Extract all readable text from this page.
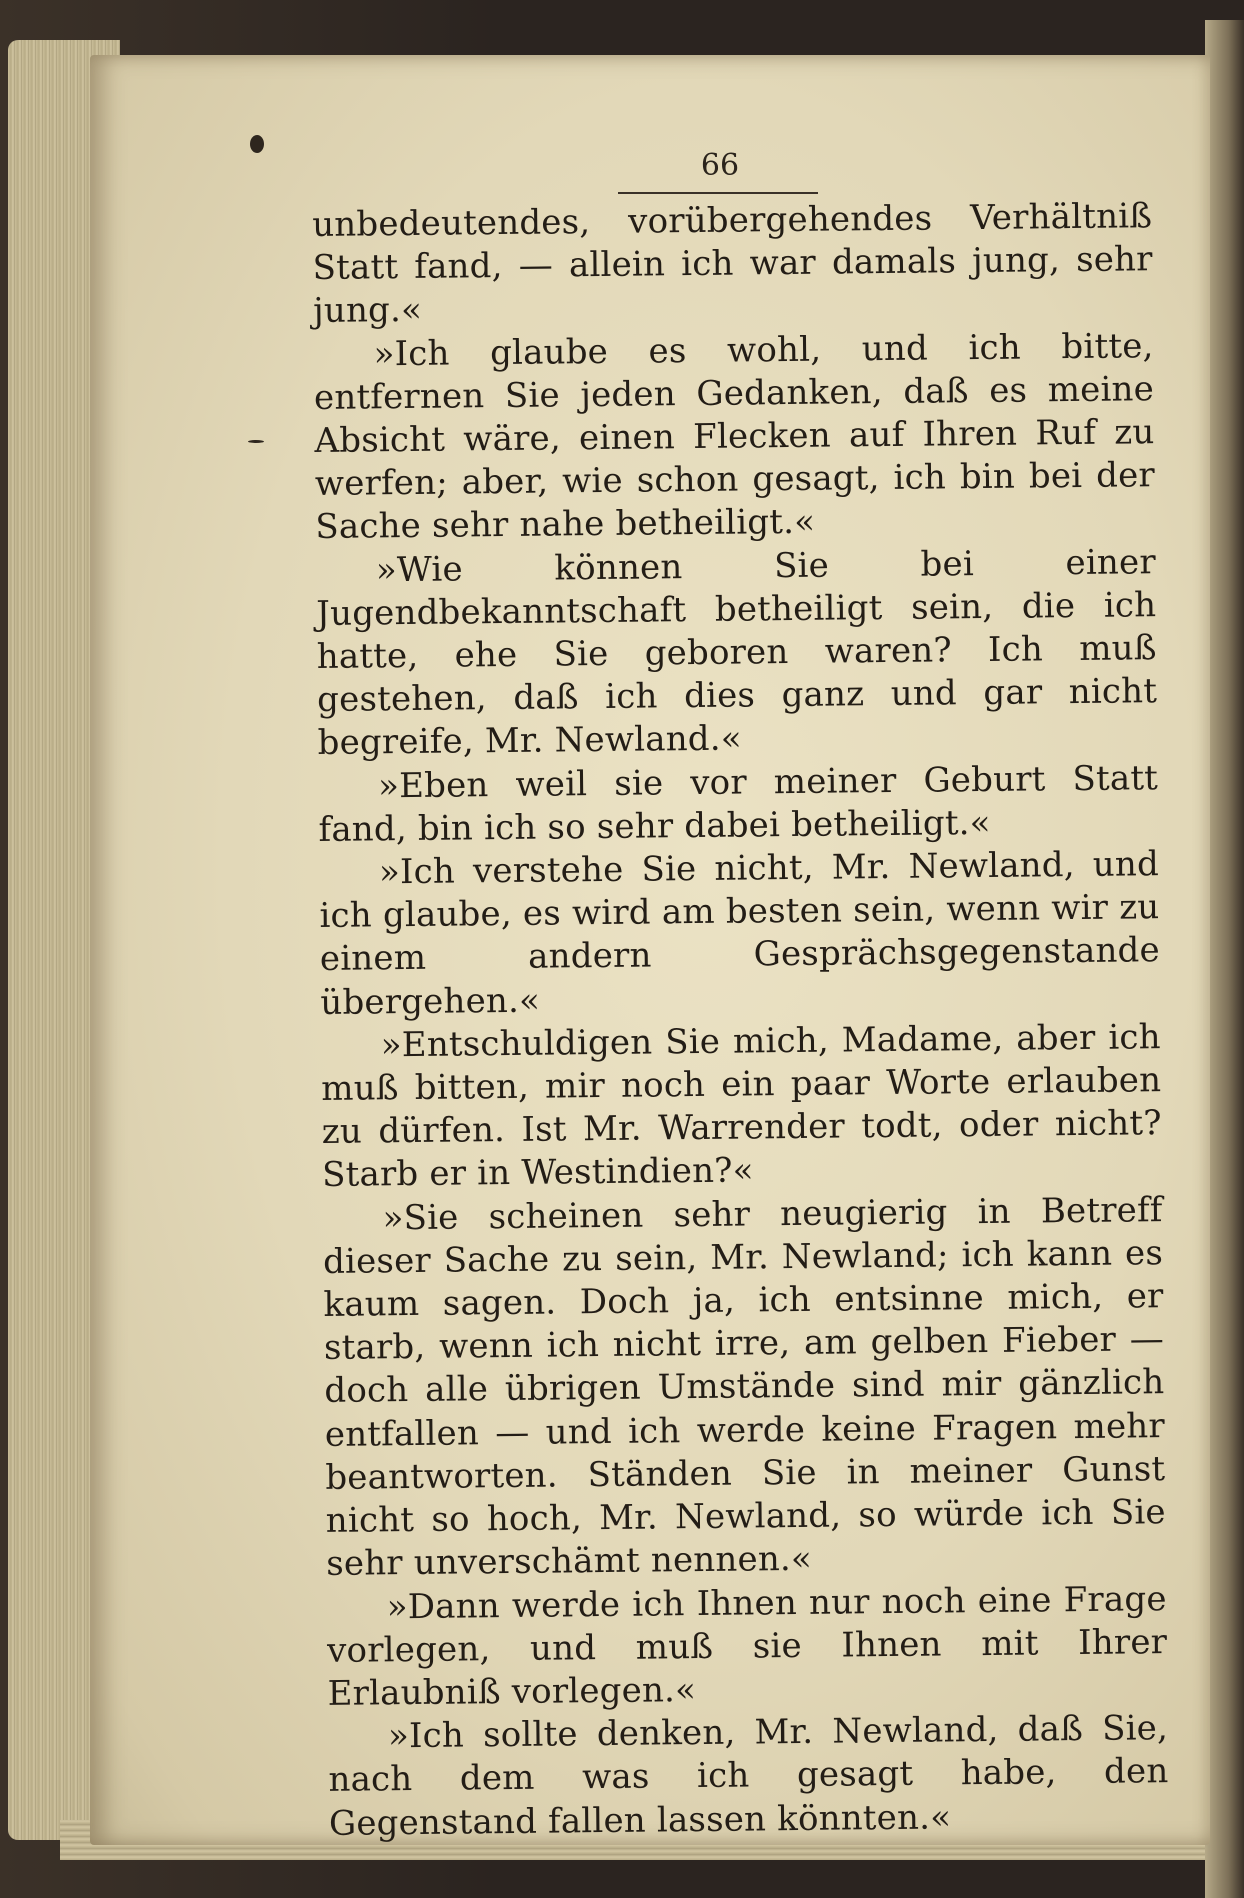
66

unbedeutendes, vorübergehendes Verhältniß Statt fand, — allein ich war damals jung, sehr jung.«

»Ich glaube es wohl, und ich bitte, entfernen Sie jeden Gedanken, daß es meine Absicht wäre, einen Flecken auf Ihren Ruf zu werfen; aber, wie schon gesagt, ich bin bei der Sache sehr nahe betheiligt.«

»Wie können Sie bei einer Jugendbekanntschaft betheiligt sein, die ich hatte, ehe Sie geboren waren? Ich muß gestehen, daß ich dies ganz und gar nicht begreife, Mr. Newland.«

»Eben weil sie vor meiner Geburt Statt fand, bin ich so sehr dabei betheiligt.«

»Ich verstehe Sie nicht, Mr. Newland, und ich glaube, es wird am besten sein, wenn wir zu einem andern Gesprächsgegenstande übergehen.«

»Entschuldigen Sie mich, Madame, aber ich muß bitten, mir noch ein paar Worte erlauben zu dürfen. Ist Mr. Warrender todt, oder nicht? Starb er in Westindien?«

»Sie scheinen sehr neugierig in Betreff dieser Sache zu sein, Mr. Newland; ich kann es kaum sagen. Doch ja, ich entsinne mich, er starb, wenn ich nicht irre, am gelben Fieber — doch alle übrigen Umstände sind mir gänzlich entfallen — und ich werde keine Fragen mehr beantworten. Ständen Sie in meiner Gunst nicht so hoch, Mr. Newland, so würde ich Sie sehr unverschämt nennen.«

»Dann werde ich Ihnen nur noch eine Frage vorlegen, und muß sie Ihnen mit Ihrer Erlaubniß vorlegen.«

»Ich sollte denken, Mr. Newland, daß Sie, nach dem was ich gesagt habe, den Gegenstand fallen lassen könnten.«
